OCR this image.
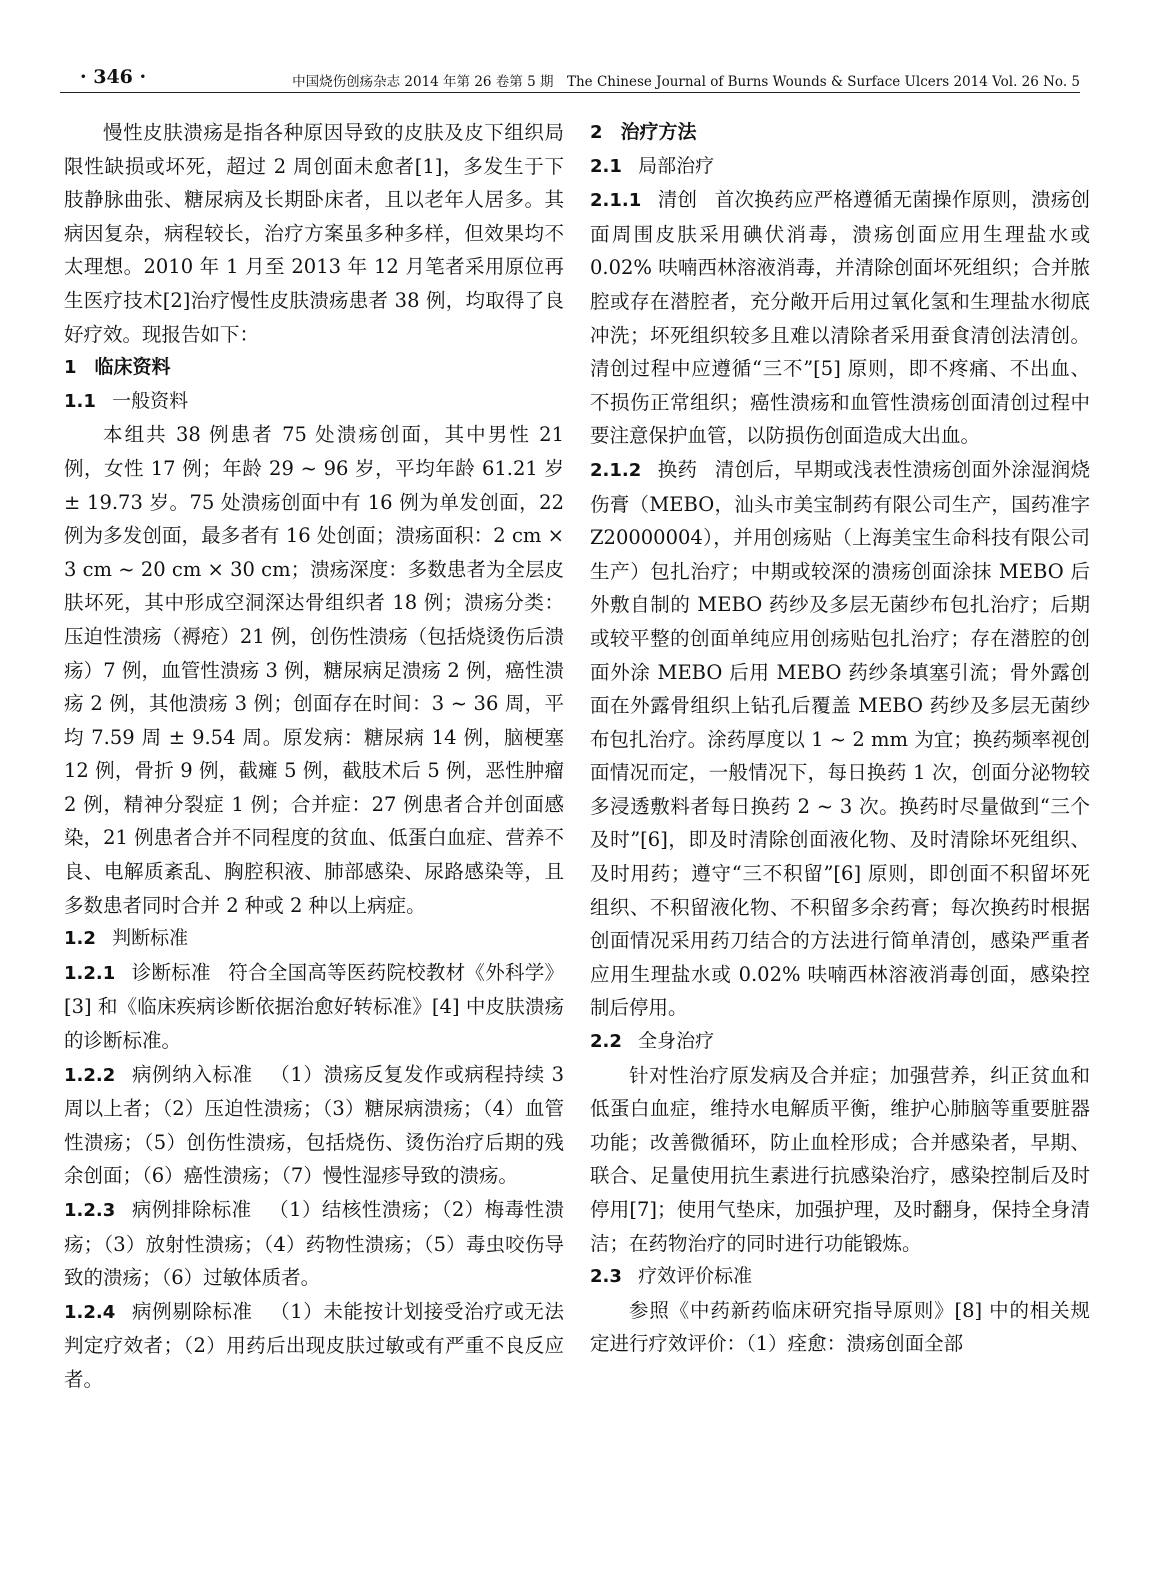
· 346 ·	中国烧伤创疡杂志 2014 年第 26 卷第 5 期　The Chinese Journal of Burns Wounds & Surface Ulcers 2014 Vol. 26 No. 5

慢性皮肤溃疡是指各种原因导致的皮肤及皮下组织局限性缺损或坏死，超过 2 周创面未愈者[1]，多发生于下肢静脉曲张、糖尿病及长期卧床者，且以老年人居多。其病因复杂，病程较长，治疗方案虽多种多样，但效果均不太理想。2010 年 1 月至 2013 年 12 月笔者采用原位再生医疗技术[2]治疗慢性皮肤溃疡患者 38 例，均取得了良好疗效。现报告如下：

1 临床资料

1.1 一般资料

本组共 38 例患者 75 处溃疡创面，其中男性 21 例，女性 17 例；年龄 29 ~ 96 岁，平均年龄 61.21 岁 ± 19.73 岁。75 处溃疡创面中有 16 例为单发创面，22 例为多发创面，最多者有 16 处创面；溃疡面积：2 cm × 3 cm ~ 20 cm × 30 cm；溃疡深度：多数患者为全层皮肤坏死，其中形成空洞深达骨组织者 18 例；溃疡分类：压迫性溃疡（褥疮）21 例，创伤性溃疡（包括烧烫伤后溃疡）7 例，血管性溃疡 3 例，糖尿病足溃疡 2 例，癌性溃疡 2 例，其他溃疡 3 例；创面存在时间：3 ~ 36 周，平均 7.59 周 ± 9.54 周。原发病：糖尿病 14 例，脑梗塞 12 例，骨折 9 例，截瘫 5 例，截肢术后 5 例，恶性肿瘤 2 例，精神分裂症 1 例；合并症：27 例患者合并创面感染，21 例患者合并不同程度的贫血、低蛋白血症、营养不良、电解质紊乱、胸腔积液、肺部感染、尿路感染等，且多数患者同时合并 2 种或 2 种以上病症。

1.2 判断标准

1.2.1 诊断标准 符合全国高等医药院校教材《外科学》[3] 和《临床疾病诊断依据治愈好转标准》[4] 中皮肤溃疡的诊断标准。

1.2.2 病例纳入标准 （1）溃疡反复发作或病程持续 3 周以上者；（2）压迫性溃疡；（3）糖尿病溃疡；（4）血管性溃疡；（5）创伤性溃疡，包括烧伤、烫伤治疗后期的残余创面；（6）癌性溃疡；（7）慢性湿疹导致的溃疡。

1.2.3 病例排除标准 （1）结核性溃疡；（2）梅毒性溃疡；（3）放射性溃疡；（4）药物性溃疡；（5）毒虫咬伤导致的溃疡；（6）过敏体质者。

1.2.4 病例剔除标准 （1）未能按计划接受治疗或无法判定疗效者；（2）用药后出现皮肤过敏或有严重不良反应者。

2 治疗方法

2.1 局部治疗

2.1.1 清创 首次换药应严格遵循无菌操作原则，溃疡创面周围皮肤采用碘伏消毒，溃疡创面应用生理盐水或 0.02% 呋喃西林溶液消毒，并清除创面坏死组织；合并脓腔或存在潜腔者，充分敞开后用过氧化氢和生理盐水彻底冲洗；坏死组织较多且难以清除者采用蚕食清创法清创。清创过程中应遵循“三不”[5] 原则，即不疼痛、不出血、不损伤正常组织；癌性溃疡和血管性溃疡创面清创过程中要注意保护血管，以防损伤创面造成大出血。

2.1.2 换药 清创后，早期或浅表性溃疡创面外涂湿润烧伤膏（MEBO，汕头市美宝制药有限公司生产，国药准字 Z20000004），并用创疡贴（上海美宝生命科技有限公司生产）包扎治疗；中期或较深的溃疡创面涂抹 MEBO 后外敷自制的 MEBO 药纱及多层无菌纱布包扎治疗；后期或较平整的创面单纯应用创疡贴包扎治疗；存在潜腔的创面外涂 MEBO 后用 MEBO 药纱条填塞引流；骨外露创面在外露骨组织上钻孔后覆盖 MEBO 药纱及多层无菌纱布包扎治疗。涂药厚度以 1 ~ 2 mm 为宜；换药频率视创面情况而定，一般情况下，每日换药 1 次，创面分泌物较多浸透敷料者每日换药 2 ~ 3 次。换药时尽量做到“三个及时”[6]，即及时清除创面液化物、及时清除坏死组织、及时用药；遵守“三不积留”[6] 原则，即创面不积留坏死组织、不积留液化物、不积留多余药膏；每次换药时根据创面情况采用药刀结合的方法进行简单清创，感染严重者应用生理盐水或 0.02% 呋喃西林溶液消毒创面，感染控制后停用。

2.2 全身治疗

针对性治疗原发病及合并症；加强营养，纠正贫血和低蛋白血症，维持水电解质平衡，维护心肺脑等重要脏器功能；改善微循环，防止血栓形成；合并感染者，早期、联合、足量使用抗生素进行抗感染治疗，感染控制后及时停用[7]；使用气垫床，加强护理，及时翻身，保持全身清洁；在药物治疗的同时进行功能锻炼。

2.3 疗效评价标准

参照《中药新药临床研究指导原则》[8] 中的相关规定进行疗效评价：（1）痊愈：溃疡创面全部
